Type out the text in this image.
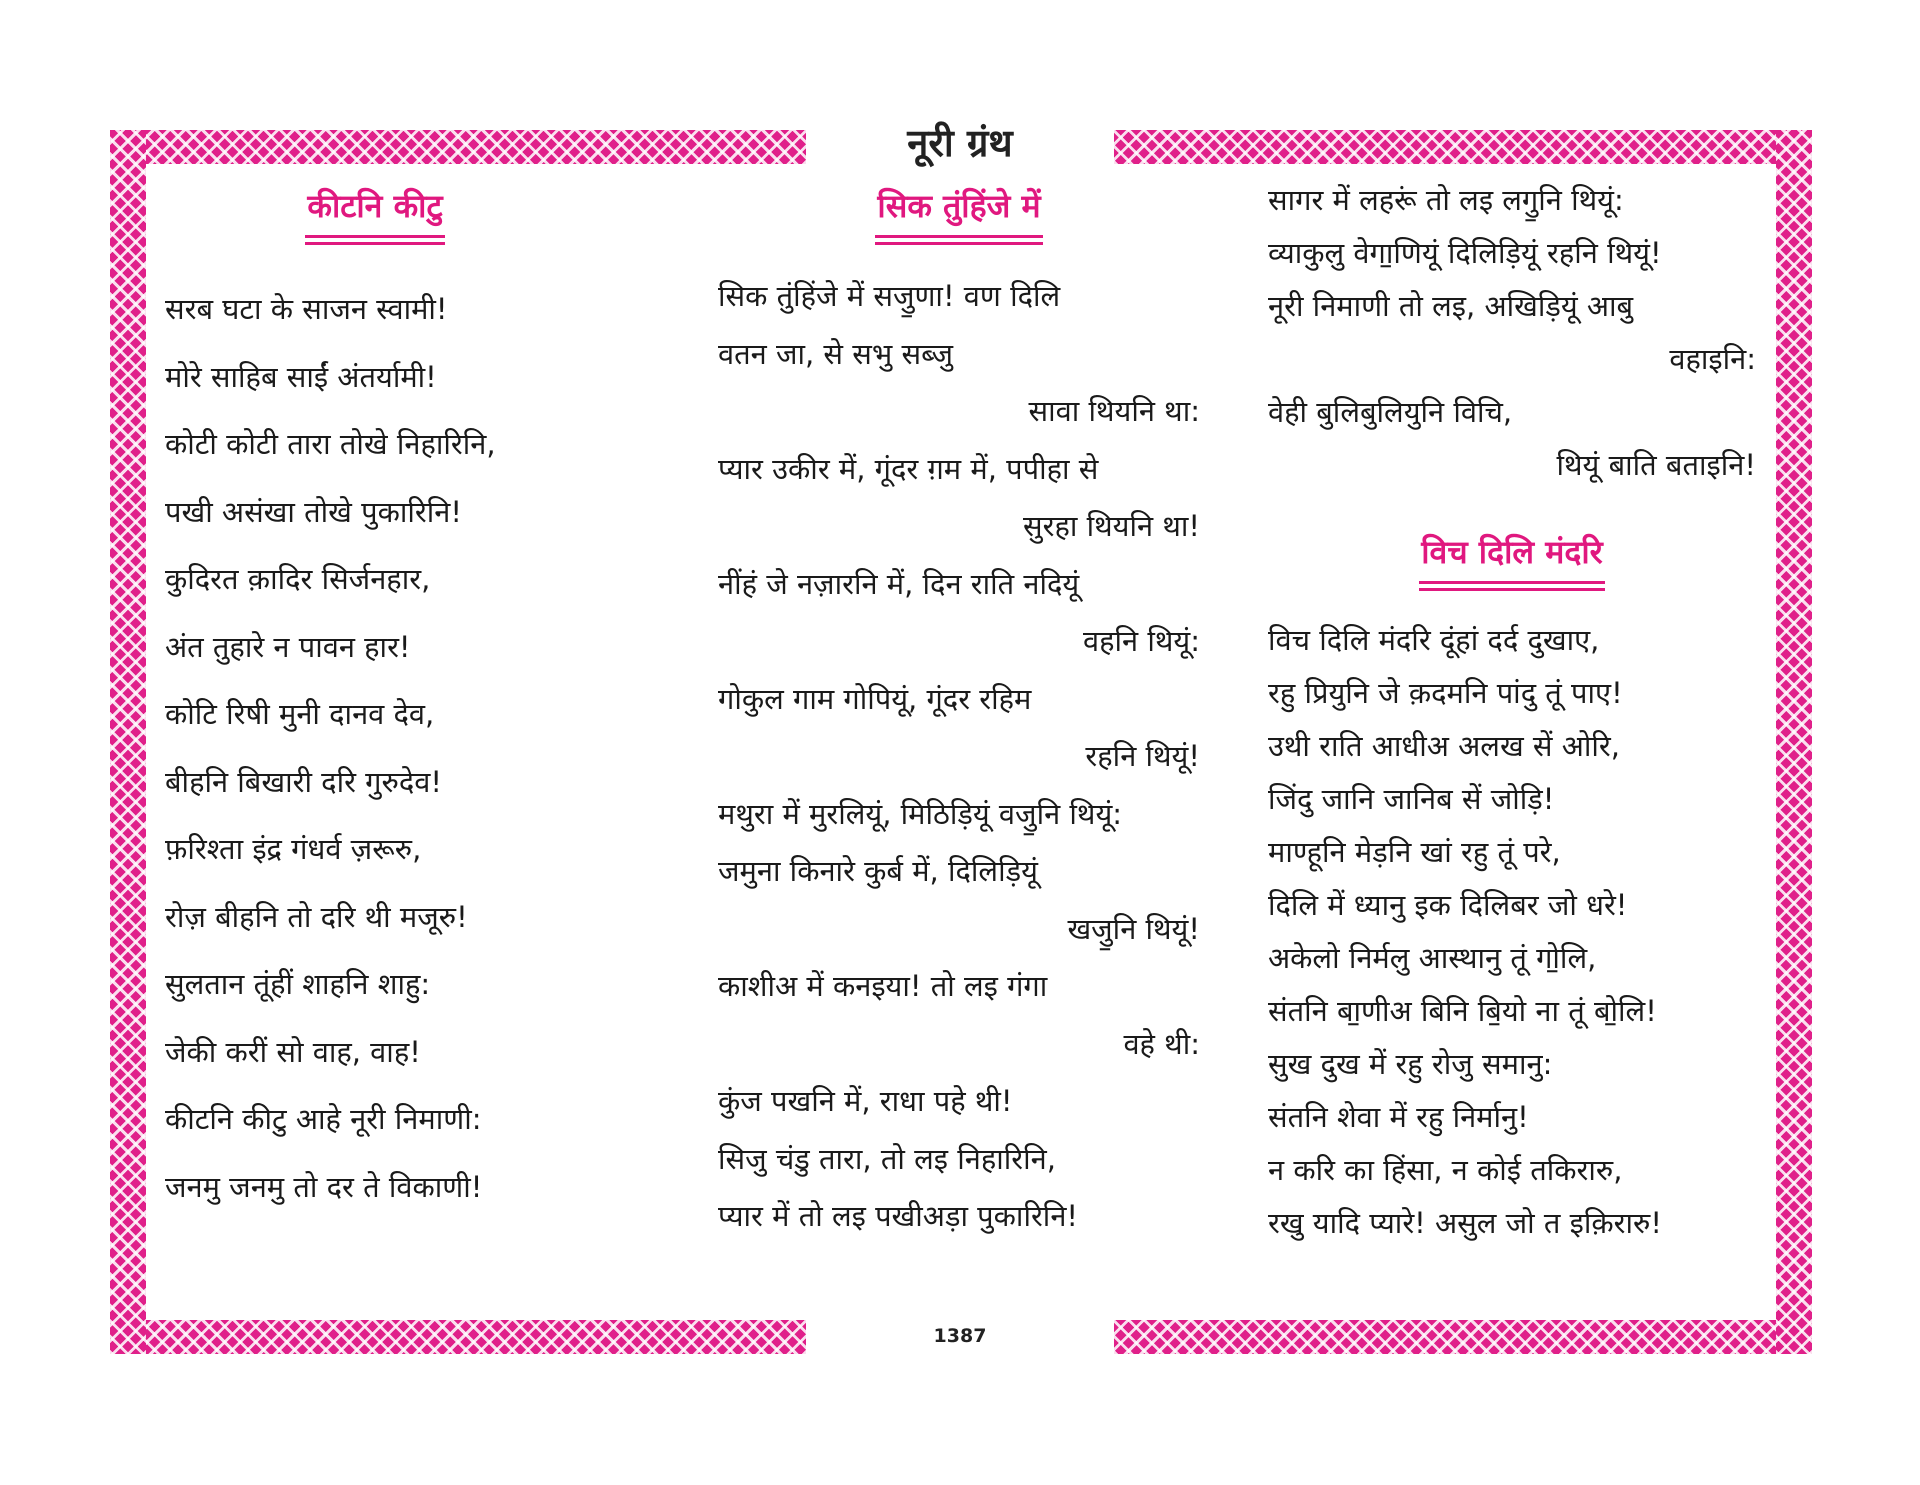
नूरी ग्रंथ
कीटनि कीटु
सरब घटा के साजन स्वामी!
मोरे साहिब साईं अंतर्यामी!
कोटी कोटी तारा तोखे निहारिनि,
पखी असंखा तोखे पुकारिनि!
कुदिरत क़ादिर सिर्जनहार,
अंत तुहारे न पावन हार!
कोटि रिषी मुनी दानव देव,
बीहनि बिखारी दरि गुरुदेव!
फ़रिश्ता इंद्र गंधर्व ज़रूरु,
रोज़ बीहनि तो दरि थी मजूरु!
सुलतान तूंहीं शाहनि शाहु:
जेकी करीं सो वाह, वाह!
कीटनि कीटु आहे नूरी निमाणी:
जनमु जनमु तो दर ते विकाणी!
सिक तुंहिंजे में
सिक तुंहिंजे में सजु॒णा! वण दिलि
वतन जा, से सभु सब्जु
सावा थियनि था:
प्यार उकीर में, गूंदर ग़म में, पपीहा से
सुरहा थियनि था!
नींहं जे नज़ारनि में, दिन राति नदियूं
वहनि थियूं:
गोकुल गाम गोपियूं, गूंदर रहिम
रहनि थियूं!
मथुरा में मुरलियूं, मिठिड़ियूं वजु॒नि थियूं:
जमुना किनारे कुर्ब में, दिलिड़ियूं
खजु॒नि थियूं!
काशीअ में कनइया! तो लइ गंगा
वहे थी:
कुंज पखनि में, राधा पहे थी!
सिजु चंडु तारा, तो लइ निहारिनि,
प्यार में तो लइ पखीअड़ा पुकारिनि!
सागर में लहरूं तो लइ लगु॒नि थियूं:
व्याकुलु वेगा॒णियूं दिलिड़ियूं रहनि थियूं!
नूरी निमाणी तो लइ, अखिड़ियूं आबु
वहाइनि:
वेही बुलिबुलियुनि विचि,
थियूं बाति बताइनि!
विच दिलि मंदरि
विच दिलि मंदरि दूंहां दर्द दुखाए,
रहु प्रियुनि जे क़दमनि पांदु तूं पाए!
उथी राति आधीअ अलख सें ओरि,
जिंदु जानि जानिब सें जोड़ि!
माण्हूनि मेड़नि खां रहु तूं परे,
दिलि में ध्यानु इक दिलिबर जो धरे!
अकेलो निर्मलु आस्थानु तूं गो॒लि,
संतनि बा॒णीअ बिनि बि॒यो ना तूं बो॒लि!
सुख दुख में रहु रोजु समानु:
संतनि शेवा में रहु निर्मानु!
न करि का हिंसा, न कोई तकिरारु,
रखु यादि प्यारे! असुल जो त इक़िरारु!
1387
